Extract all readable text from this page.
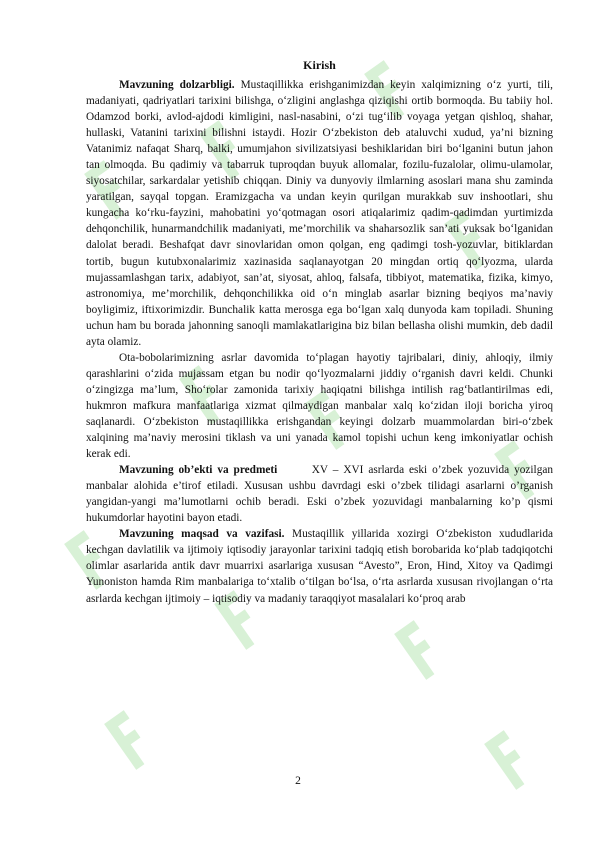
Kirish

Mavzuning dolzarbligi. Mustaqillikka erishganimizdan keyin xalqimizning o‘z yurti, tili, madaniyati, qadriyatlari tarixini bilishga, o‘zligini anglashga qiziqishi ortib bormoqda. Bu tabiiy hol. Odamzod borki, avlod-ajdodi kimligini, nasl-nasabini, o‘zi tug‘ilib voyaga yetgan qishloq, shahar, hullaski, Vatanini tarixini bilishni istaydi. Hozir O‘zbekiston deb ataluvchi xudud, ya’ni bizning Vatanimiz nafaqat Sharq, balki, umumjahon sivilizatsiyasi beshiklaridan biri bo‘lganini butun jahon tan olmoqda. Bu qadimiy va tabarruk tuproqdan buyuk allomalar, fozilu-fuzalolar, olimu-ulamolar, siyosatchilar, sarkardalar yetishib chiqqan. Diniy va dunyoviy ilmlarning asoslari mana shu zaminda yaratilgan, sayqal topgan. Eramizgacha va undan keyin qurilgan murakkab suv inshootlari, shu kungacha ko‘rku-fayzini, mahobatini yo‘qotmagan osori atiqalarimiz qadim-qadimdan yurtimizda dehqonchilik, hunarmandchilik madaniyati, me’morchilik va shaharsozlik san’ati yuksak bo‘lganidan dalolat beradi. Beshafqat davr sinovlaridan omon qolgan, eng qadimgi tosh-yozuvlar, bitiklardan tortib, bugun kutubxonalarimiz xazinasida saqlanayotgan 20 mingdan ortiq qo‘lyozma, ularda mujassamlashgan tarix, adabiyot, san’at, siyosat, ahloq, falsafa, tibbiyot, matematika, fizika, kimyo, astronomiya, me’morchilik, dehqonchilikka oid o‘n minglab asarlar bizning beqiyos ma’naviy boyligimiz, iftixorimizdir. Bunchalik katta merosga ega bo‘lgan xalq dunyoda kam topiladi. Shuning uchun ham bu borada jahonning sanoqli mamlakatlarigina biz bilan bellasha olishi mumkin, deb dadil ayta olamiz.

Ota-bobolarimizning asrlar davomida to‘plagan hayotiy tajribalari, diniy, ahloqiy, ilmiy qarashlarini o‘zida mujassam etgan bu nodir qo‘lyozmalarni jiddiy o‘rganish davri keldi. Chunki o‘zingizga ma’lum, Sho‘rolar zamonida tarixiy haqiqatni bilishga intilish rag‘batlantirilmas edi, hukmron mafkura manfaatlariga xizmat qilmaydigan manbalar xalq ko‘zidan iloji boricha yiroq saqlanardi. O‘zbekiston mustaqillikka erishgandan keyingi dolzarb muammolardan biri-o‘zbek xalqining ma’naviy merosini tiklash va uni yanada kamol topishi uchun keng imkoniyatlar ochish kerak edi.

Mavzuning ob’ekti va predmeti	XV – XVI asrlarda eski o’zbek yozuvida yozilgan manbalar alohida e’tirof etiladi. Xususan ushbu davrdagi eski o’zbek tilidagi asarlarni o’rganish yangidan-yangi ma’lumotlarni ochib beradi. Eski o’zbek yozuvidagi manbalarning ko’p qismi hukumdorlar hayotini bayon etadi.

Mavzuning maqsad va vazifasi. Mustaqillik yillarida xozirgi O‘zbekiston xududlarida kechgan davlatilik va ijtimoiy iqtisodiy jarayonlar tarixini tadqiq etish borobarida ko‘plab tadqiqotchi olimlar asarlarida antik davr muarrixi asarlariga xususan “Avesto”, Eron, Hind, Xitoy va Qadimgi Yunoniston hamda Rim manbalariga to‘xtalib o‘tilgan bo‘lsa, o‘rta asrlarda xususan rivojlangan o‘rta asrlarda kechgan ijtimoiy – iqtisodiy va madaniy taraqqiyot masalalari ko‘proq arab

2
